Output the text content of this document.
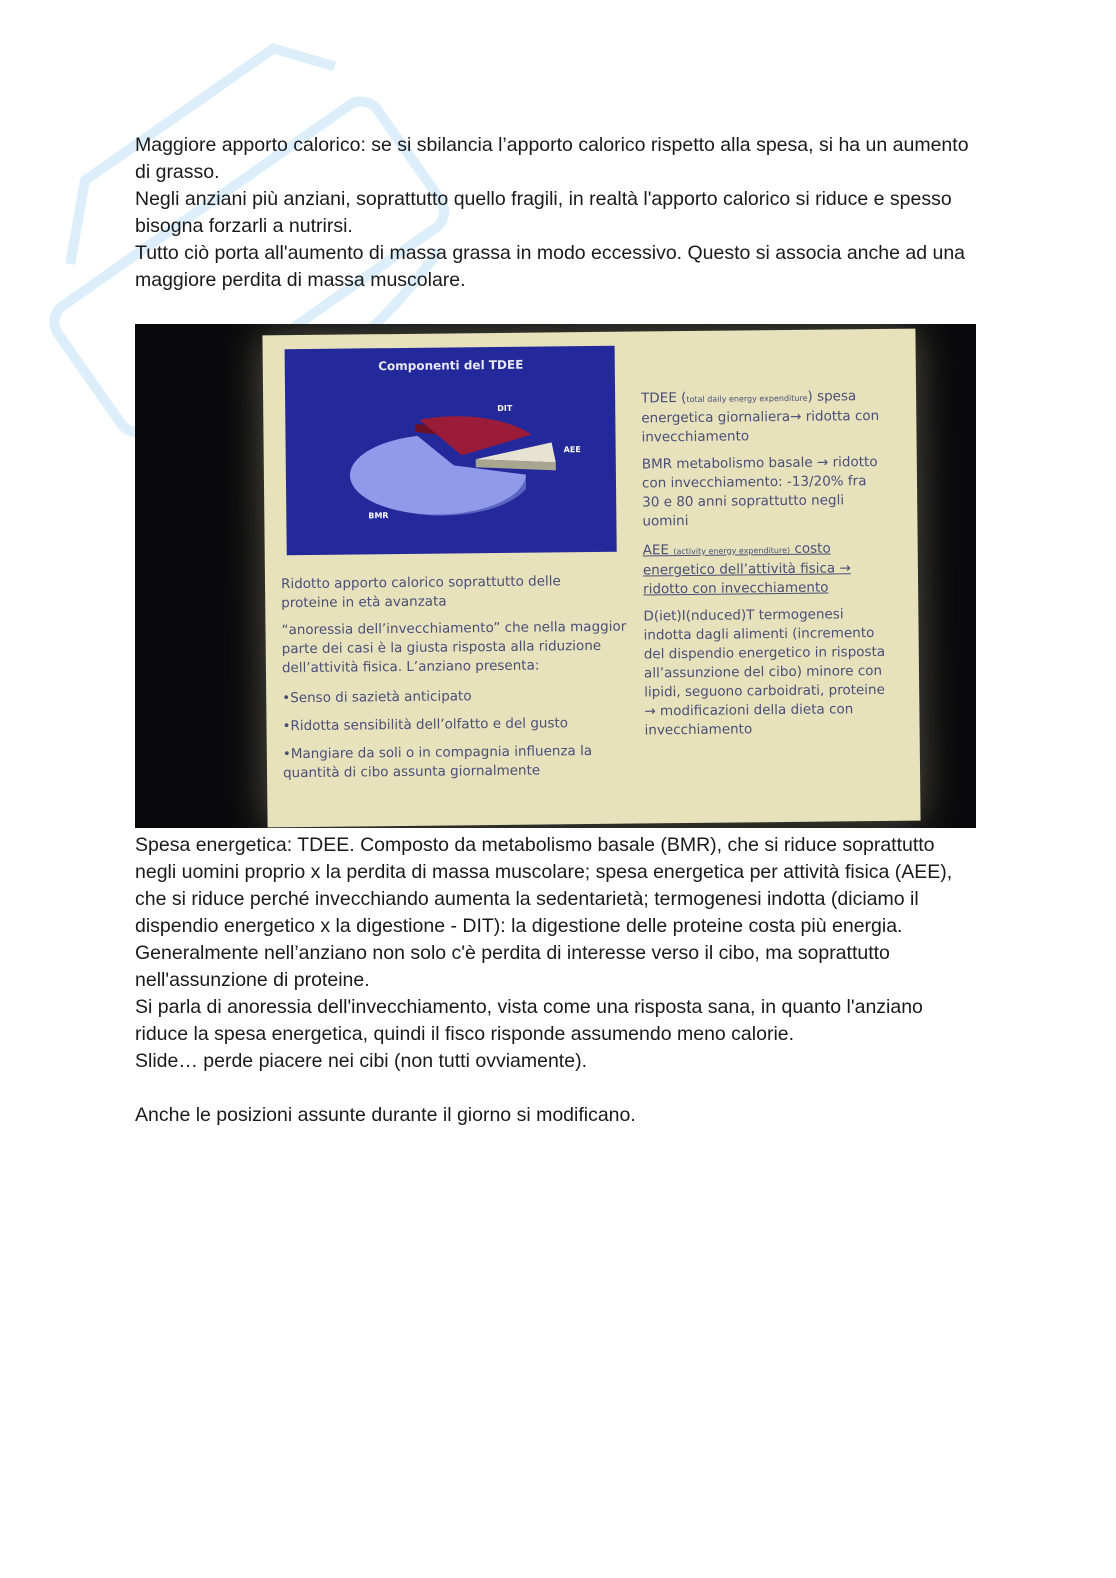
Maggiore apporto calorico: se si sbilancia l’apporto calorico rispetto alla spesa, si ha un aumento di grasso.

Negli anziani più anziani, soprattutto quello fragili, in realtà l'apporto calorico si riduce e spesso bisogna forzarli a nutrirsi.

Tutto ciò porta all'aumento di massa grassa in modo eccessivo. Questo si associa anche ad una maggiore perdita di massa muscolare.

Componenti del TDEE
DIT
AEE
BMR

Ridotto apporto calorico soprattutto delle proteine in età avanzata

“anoressia dell’invecchiamento” che nella maggior parte dei casi è la giusta risposta alla riduzione dell’attività fisica. L’anziano presenta:

•Senso di sazietà anticipato

•Ridotta sensibilità dell’olfatto e del gusto

•Mangiare da soli o in compagnia influenza la quantità di cibo assunta giornalmente

TDEE (total daily energy expenditure) spesa energetica giornaliera→ ridotta con invecchiamento

BMR metabolismo basale → ridotto con invecchiamento: -13/20% fra 30 e 80 anni soprattutto negli uomini

AEE (activity energy expenditure) costo energetico dell’attività fisica → ridotto con invecchiamento

D(iet)I(nduced)T termogenesi indotta dagli alimenti (incremento del dispendio energetico in risposta all’assunzione del cibo) minore con lipidi, seguono carboidrati, proteine → modificazioni della dieta con invecchiamento

Spesa energetica: TDEE. Composto da metabolismo basale (BMR), che si riduce soprattutto negli uomini proprio x la perdita di massa muscolare; spesa energetica per attività fisica (AEE), che si riduce perché invecchiando aumenta la sedentarietà; termogenesi indotta (diciamo il dispendio energetico x la digestione - DIT): la digestione delle proteine costa più energia. Generalmente nell’anziano non solo c'è perdita di interesse verso il cibo, ma soprattutto nell'assunzione di proteine.

Si parla di anoressia dell'invecchiamento, vista come una risposta sana, in quanto l'anziano riduce la spesa energetica, quindi il fisco risponde assumendo meno calorie.

Slide… perde piacere nei cibi (non tutti ovviamente).

Anche le posizioni assunte durante il giorno si modificano.
